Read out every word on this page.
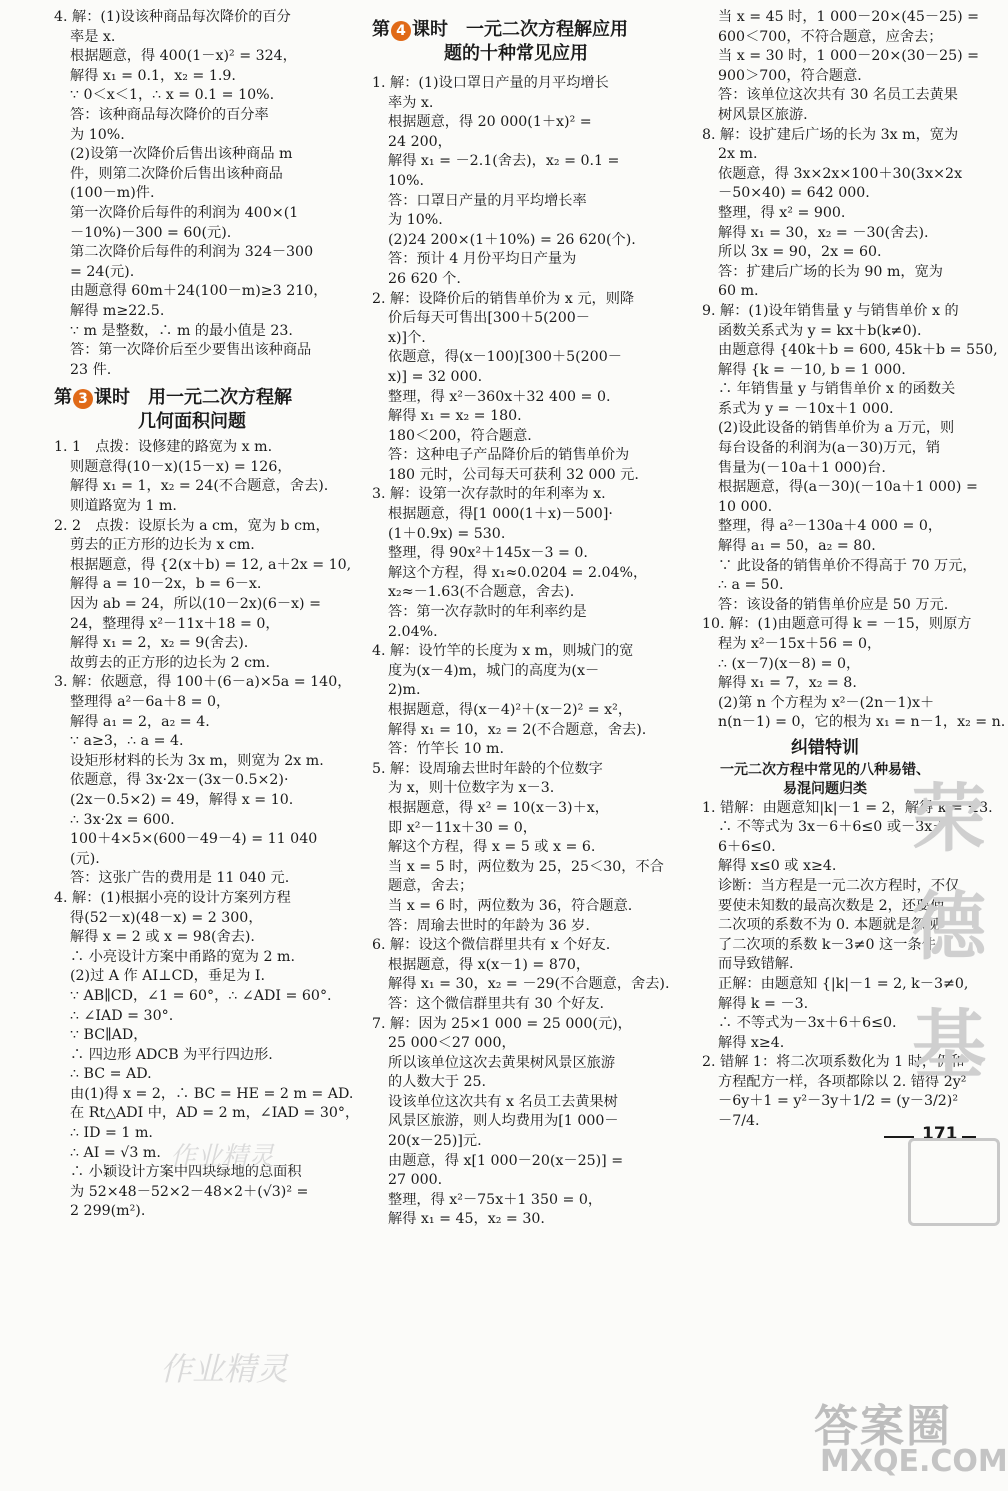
4. 解：(1)设该种商品每次降价的百分
率是 x.
根据题意，得 400(1－x)² = 324，
解得 x₁ = 0.1，x₂ = 1.9.
∵ 0＜x＜1，∴ x = 0.1 = 10%.
答：该种商品每次降价的百分率
为 10%.
(2)设第一次降价后售出该种商品 m
件，则第二次降价后售出该种商品
(100－m)件.
第一次降价后每件的利润为 400×(1
－10%)－300 = 60(元).
第二次降价后每件的利润为 324－300
= 24(元).
由题意得 60m＋24(100－m)≥3 210，
解得 m≥22.5.
∵ m 是整数，∴ m 的最小值是 23.
答：第一次降价后至少要售出该种商品
23 件.
第 3 课时　用一元二次方程解
几何面积问题
1. 1　点拨：设修建的路宽为 x m.
则题意得(10－x)(15－x) = 126，
解得 x₁ = 1，x₂ = 24(不合题意，舍去).
则道路宽为 1 m.
2. 2　点拨：设原长为 a cm，宽为 b cm，
剪去的正方形的边长为 x cm.
根据题意，得 {2(x＋b) = 12, a＋2x = 10,
解得 a = 10－2x，b = 6－x.
因为 ab = 24，所以(10－2x)(6－x) =
24，整理得 x²－11x＋18 = 0，
解得 x₁ = 2，x₂ = 9(舍去).
故剪去的正方形的边长为 2 cm.
3. 解：依题意，得 100＋(6－a)×5a = 140，
整理得 a²－6a＋8 = 0，
解得 a₁ = 2，a₂ = 4.
∵ a≥3，∴ a = 4.
设矩形材料的长为 3x m，则宽为 2x m.
依题意，得 3x·2x－(3x－0.5×2)·
(2x－0.5×2) = 49，解得 x = 10.
∴ 3x·2x = 600.
100＋4×5×(600－49－4) = 11 040
(元).
答：这张广告的费用是 11 040 元.
4. 解：(1)根据小亮的设计方案列方程
得(52－x)(48－x) = 2 300，
解得 x = 2 或 x = 98(舍去).
∴ 小亮设计方案中甬路的宽为 2 m.
(2)过 A 作 AI⊥CD，垂足为 I.
∵ AB∥CD，∠1 = 60°，∴ ∠ADI = 60°.
∴ ∠IAD = 30°.
∵ BC∥AD，
∴ 四边形 ADCB 为平行四边形.
∴ BC = AD.
由(1)得 x = 2，∴ BC = HE = 2 m = AD.
在 Rt△ADI 中，AD = 2 m，∠IAD = 30°，
∴ ID = 1 m.
∴ AI = √3 m.
∴ 小颖设计方案中四块绿地的总面积
为 52×48－52×2－48×2＋(√3)² =
2 299(m²).
第 4 课时　一元二次方程解应用
题的十种常见应用
1. 解：(1)设口罩日产量的月平均增长
率为 x.
根据题意，得 20 000(1＋x)² =
24 200，
解得 x₁ = －2.1(舍去)，x₂ = 0.1 =
10%.
答：口罩日产量的月平均增长率
为 10%.
(2)24 200×(1＋10%) = 26 620(个).
答：预计 4 月份平均日产量为
26 620 个.
2. 解：设降价后的销售单价为 x 元，则降
价后每天可售出[300＋5(200－
x)]个.
依题意，得(x－100)[300＋5(200－
x)] = 32 000.
整理，得 x²－360x＋32 400 = 0.
解得 x₁ = x₂ = 180.
180＜200，符合题意.
答：这种电子产品降价后的销售单价为
180 元时，公司每天可获利 32 000 元.
3. 解：设第一次存款时的年利率为 x.
根据题意，得[1 000(1＋x)－500]·
(1＋0.9x) = 530.
整理，得 90x²＋145x－3 = 0.
解这个方程，得 x₁≈0.0204 = 2.04%，
x₂≈－1.63(不合题意，舍去).
答：第一次存款时的年利率约是
2.04%.
4. 解：设竹竿的长度为 x m，则城门的宽
度为(x－4)m，城门的高度为(x－
2)m.
根据题意，得(x－4)²＋(x－2)² = x²，
解得 x₁ = 10，x₂ = 2(不合题意，舍去).
答：竹竿长 10 m.
5. 解：设周瑜去世时年龄的个位数字
为 x，则十位数字为 x－3.
根据题意，得 x² = 10(x－3)＋x，
即 x²－11x＋30 = 0，
解这个方程，得 x = 5 或 x = 6.
当 x = 5 时，两位数为 25，25＜30，不合
题意，舍去；
当 x = 6 时，两位数为 36，符合题意.
答：周瑜去世时的年龄为 36 岁.
6. 解：设这个微信群里共有 x 个好友.
根据题意，得 x(x－1) = 870，
解得 x₁ = 30，x₂ = －29(不合题意，舍去).
答：这个微信群里共有 30 个好友.
7. 解：因为 25×1 000 = 25 000(元)，
25 000＜27 000，
所以该单位这次去黄果树风景区旅游
的人数大于 25.
设该单位这次共有 x 名员工去黄果树
风景区旅游，则人均费用为[1 000－
20(x－25)]元.
由题意，得 x[1 000－20(x－25)] =
27 000.
整理，得 x²－75x＋1 350 = 0，
解得 x₁ = 45，x₂ = 30.
当 x = 45 时，1 000－20×(45－25) =
600＜700，不符合题意，应舍去；
当 x = 30 时，1 000－20×(30－25) =
900＞700，符合题意.
答：该单位这次共有 30 名员工去黄果
树风景区旅游.
8. 解：设扩建后广场的长为 3x m，宽为
2x m.
依题意，得 3x×2x×100＋30(3x×2x
－50×40) = 642 000.
整理，得 x² = 900.
解得 x₁ = 30，x₂ = －30(舍去).
所以 3x = 90，2x = 60.
答：扩建后广场的长为 90 m，宽为
60 m.
9. 解：(1)设年销售量 y 与销售单价 x 的
函数关系式为 y = kx＋b(k≠0).
由题意得 {40k＋b = 600, 45k＋b = 550,
解得 {k = －10, b = 1 000.
∴ 年销售量 y 与销售单价 x 的函数关
系式为 y = －10x＋1 000.
(2)设此设备的销售单价为 a 万元，则
每台设备的利润为(a－30)万元，销
售量为(－10a＋1 000)台.
根据题意，得(a－30)(－10a＋1 000) =
10 000.
整理，得 a²－130a＋4 000 = 0，
解得 a₁ = 50，a₂ = 80.
∵ 此设备的销售单价不得高于 70 万元，
∴ a = 50.
答：该设备的销售单价应是 50 万元.
10. 解：(1)由题意可得 k = －15，则原方
程为 x²－15x＋56 = 0，
∴ (x－7)(x－8) = 0，
解得 x₁ = 7，x₂ = 8.
(2)第 n 个方程为 x²－(2n－1)x＋
n(n－1) = 0，它的根为 x₁ = n－1，x₂ = n.
纠错特训
一元二次方程中常见的八种易错、
易混问题归类
1. 错解：由题意知|k|－1 = 2，解得 k = ±3.
∴ 不等式为 3x－6＋6≤0 或－3x＋
6＋6≤0.
解得 x≤0 或 x≥4.
诊断：当方程是一元二次方程时，不仅
要使未知数的最高次数是 2，还要使
二次项的系数不为 0. 本题就是忽视
了二次项的系数 k－3≠0 这一条件，
而导致错解.
正解：由题意知 {|k|－1 = 2, k－3≠0,
解得 k = －3.
∴ 不等式为－3x＋6＋6≤0.
解得 x≥4.
2. 错解 1：将二次项系数化为 1 时，仍和
方程配方一样，各项都除以 2. 错得 2y²
－6y＋1 = y²－3y＋1/2 = (y－3/2)²
－7/4.
171
荣
德
基
作业精灵
作业精灵
答案圈
MXQE.COM
